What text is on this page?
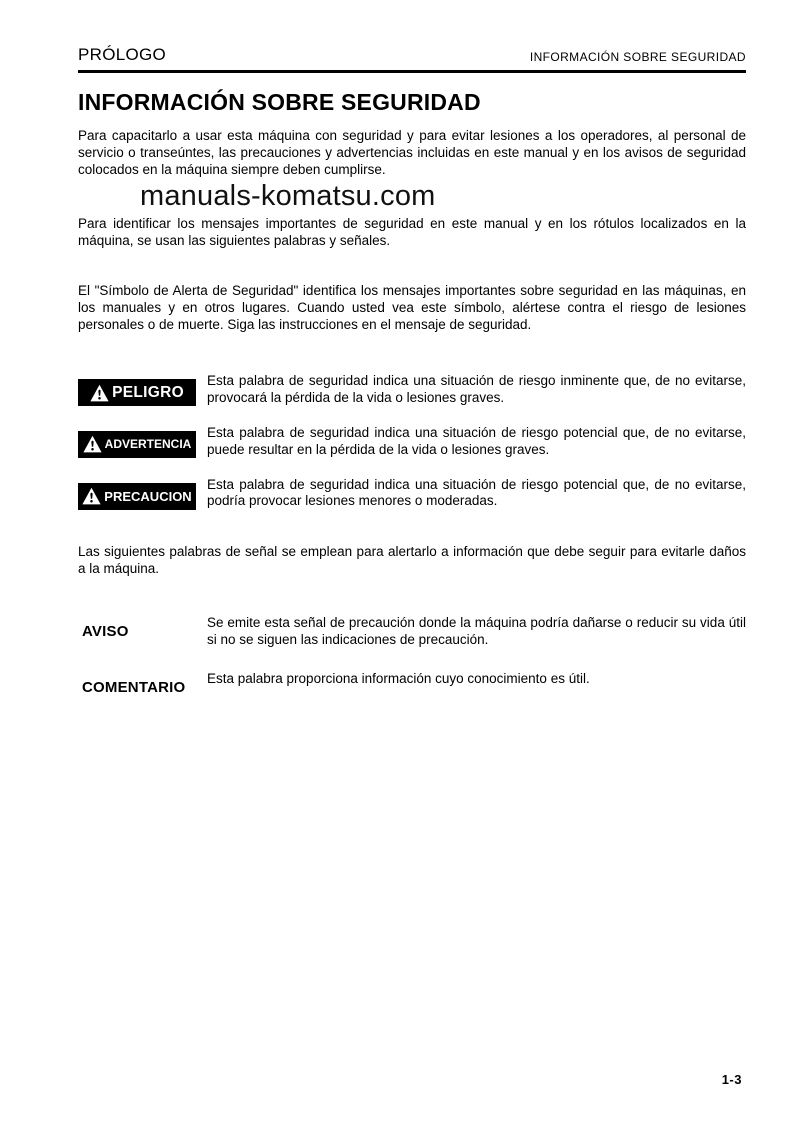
PRÓLOGO	INFORMACIÓN SOBRE SEGURIDAD
INFORMACIÓN SOBRE SEGURIDAD

Para capacitarlo a usar esta máquina con seguridad y para evitar lesiones a los operadores, al personal de servicio o transeúntes, las precauciones y advertencias incluidas en este manual y en los avisos de seguridad colocados en la máquina siempre deben cumplirse.

manuals-komatsu.com

Para identificar los mensajes importantes de seguridad en este manual y en los rótulos localizados en la máquina, se usan las siguientes palabras y señales.

El "Símbolo de Alerta de Seguridad" identifica los mensajes importantes sobre seguridad en las máquinas, en los manuales y en otros lugares. Cuando usted vea este símbolo, alértese contra el riesgo de lesiones personales o de muerte. Siga las instrucciones en el mensaje de seguridad.

PELIGRO
Esta palabra de seguridad indica una situación de riesgo inminente que, de no evitarse, provocará la pérdida de la vida o lesiones graves.
ADVERTENCIA
Esta palabra de seguridad indica una situación de riesgo potencial que, de no evitarse, puede resultar en la pérdida de la vida o lesiones graves.
PRECAUCION
Esta palabra de seguridad indica una situación de riesgo potencial que, de no evitarse, podría provocar lesiones menores o moderadas.

Las siguientes palabras de señal se emplean para alertarlo a información que debe seguir para evitarle daños a la máquina.

AVISO
Se emite esta señal de precaución donde la máquina podría dañarse o reducir su vida útil si no se siguen las indicaciones de precaución.
COMENTARIO
Esta palabra proporciona información cuyo conocimiento es útil.
1-3
